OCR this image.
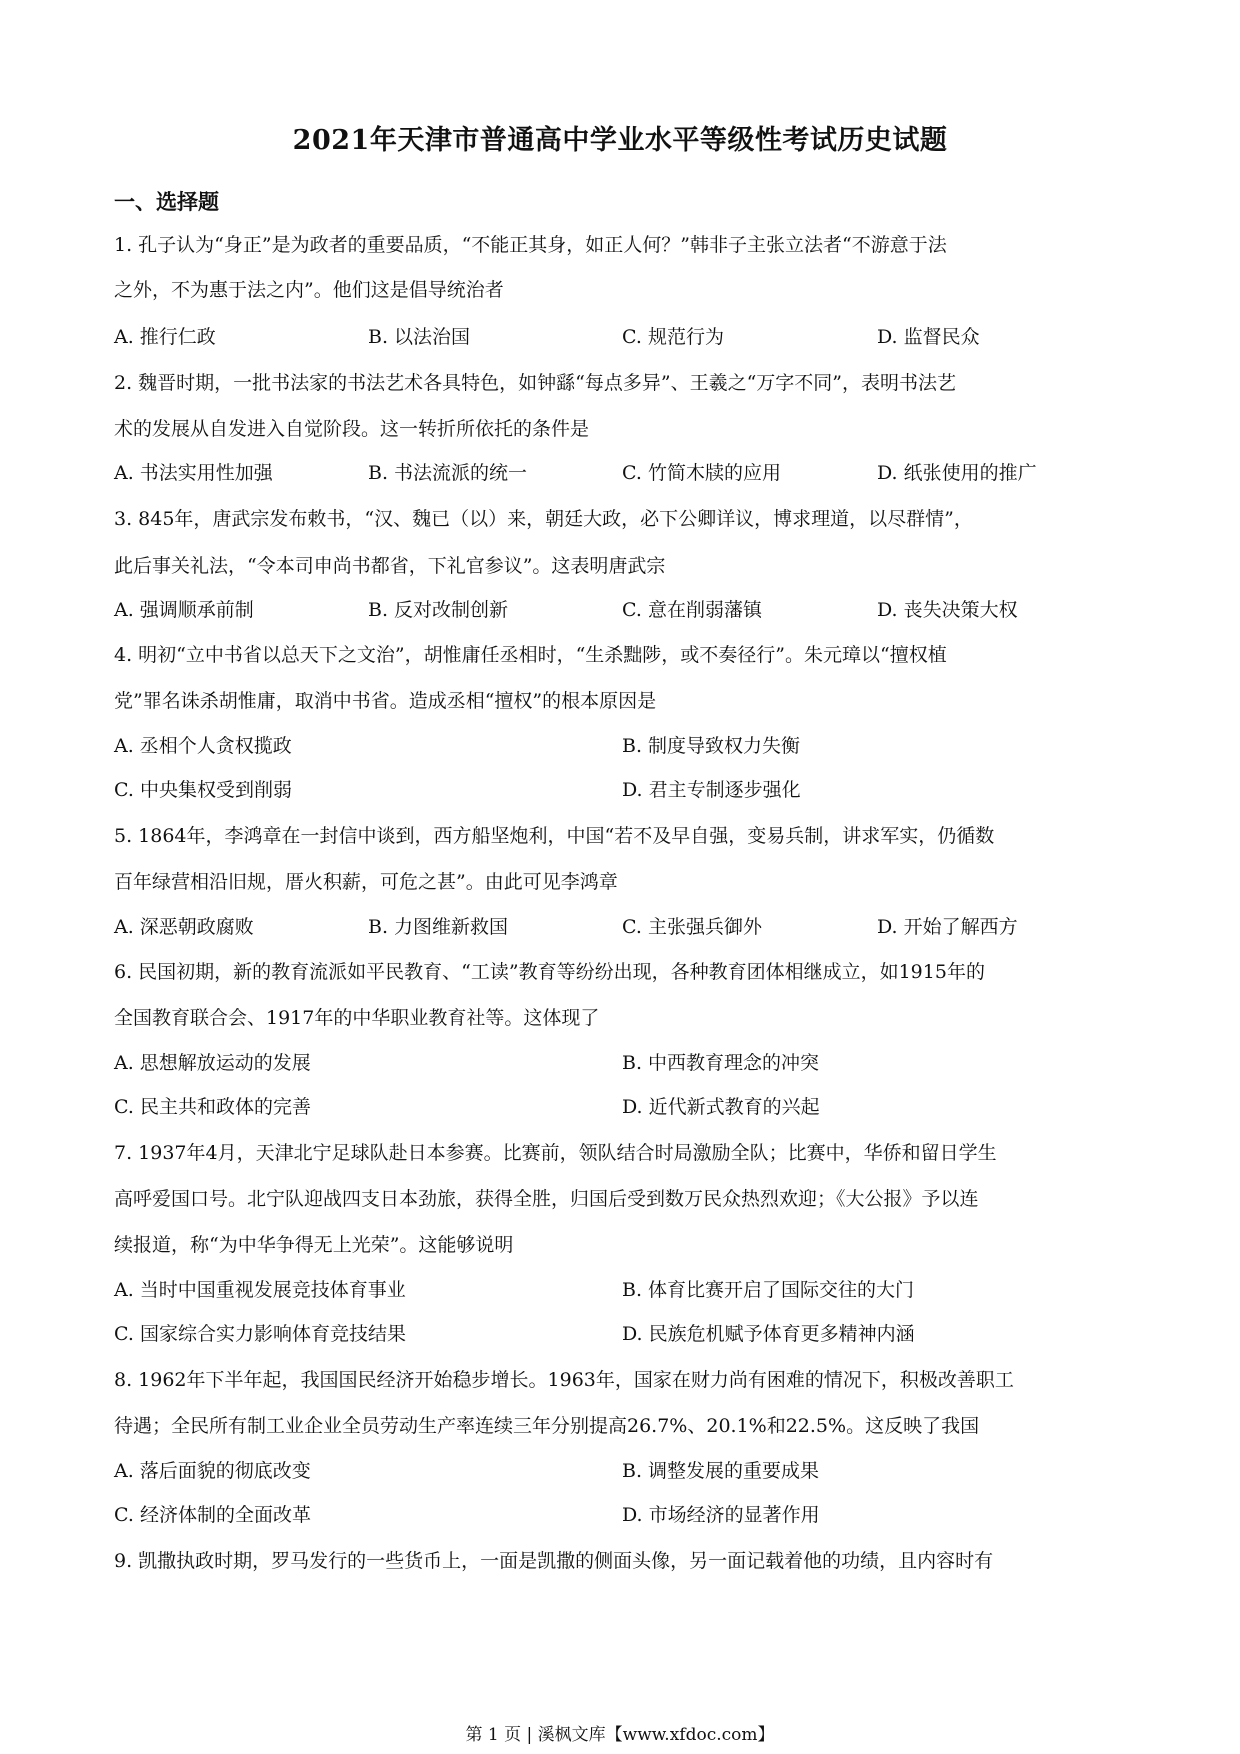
2021年天津市普通高中学业水平等级性考试历史试题
一、选择题
1. 孔子认为“身正”是为政者的重要品质，“不能正其身，如正人何？”韩非子主张立法者“不游意于法
之外，不为惠于法之内”。他们这是倡导统治者
A. 推行仁政	B. 以法治国	C. 规范行为	D. 监督民众
2. 魏晋时期，一批书法家的书法艺术各具特色，如钟繇“每点多异”、王羲之“万字不同”，表明书法艺
术的发展从自发进入自觉阶段。这一转折所依托的条件是
A. 书法实用性加强	B. 书法流派的统一	C. 竹简木牍的应用	D. 纸张使用的推广
3. 845年，唐武宗发布敕书，“汉、魏已（以）来，朝廷大政，必下公卿详议，博求理道，以尽群情”，
此后事关礼法，“令本司申尚书都省，下礼官参议”。这表明唐武宗
A. 强调顺承前制	B. 反对改制创新	C. 意在削弱藩镇	D. 丧失决策大权
4. 明初“立中书省以总天下之文治”，胡惟庸任丞相时，“生杀黜陟，或不奏径行”。朱元璋以“擅权植
党”罪名诛杀胡惟庸，取消中书省。造成丞相“擅权”的根本原因是
A. 丞相个人贪权揽政	B. 制度导致权力失衡
C. 中央集权受到削弱	D. 君主专制逐步强化
5. 1864年，李鸿章在一封信中谈到，西方船坚炮利，中国“若不及早自强，变易兵制，讲求军实，仍循数
百年绿营相沿旧规，厝火积薪，可危之甚”。由此可见李鸿章
A. 深恶朝政腐败	B. 力图维新救国	C. 主张强兵御外	D. 开始了解西方
6. 民国初期，新的教育流派如平民教育、“工读”教育等纷纷出现，各种教育团体相继成立，如1915年的
全国教育联合会、1917年的中华职业教育社等。这体现了
A. 思想解放运动的发展	B. 中西教育理念的冲突
C. 民主共和政体的完善	D. 近代新式教育的兴起
7. 1937年4月，天津北宁足球队赴日本参赛。比赛前，领队结合时局激励全队；比赛中，华侨和留日学生
高呼爱国口号。北宁队迎战四支日本劲旅，获得全胜，归国后受到数万民众热烈欢迎；《大公报》予以连
续报道，称“为中华争得无上光荣”。这能够说明
A. 当时中国重视发展竞技体育事业	B. 体育比赛开启了国际交往的大门
C. 国家综合实力影响体育竞技结果	D. 民族危机赋予体育更多精神内涵
8. 1962年下半年起，我国国民经济开始稳步增长。1963年，国家在财力尚有困难的情况下，积极改善职工
待遇；全民所有制工业企业全员劳动生产率连续三年分别提高26.7%、20.1%和22.5%。这反映了我国
A. 落后面貌的彻底改变	B. 调整发展的重要成果
C. 经济体制的全面改革	D. 市场经济的显著作用
9. 凯撒执政时期，罗马发行的一些货币上，一面是凯撒的侧面头像，另一面记载着他的功绩，且内容时有
第 1 页 | 溪枫文库【www.xfdoc.com】
